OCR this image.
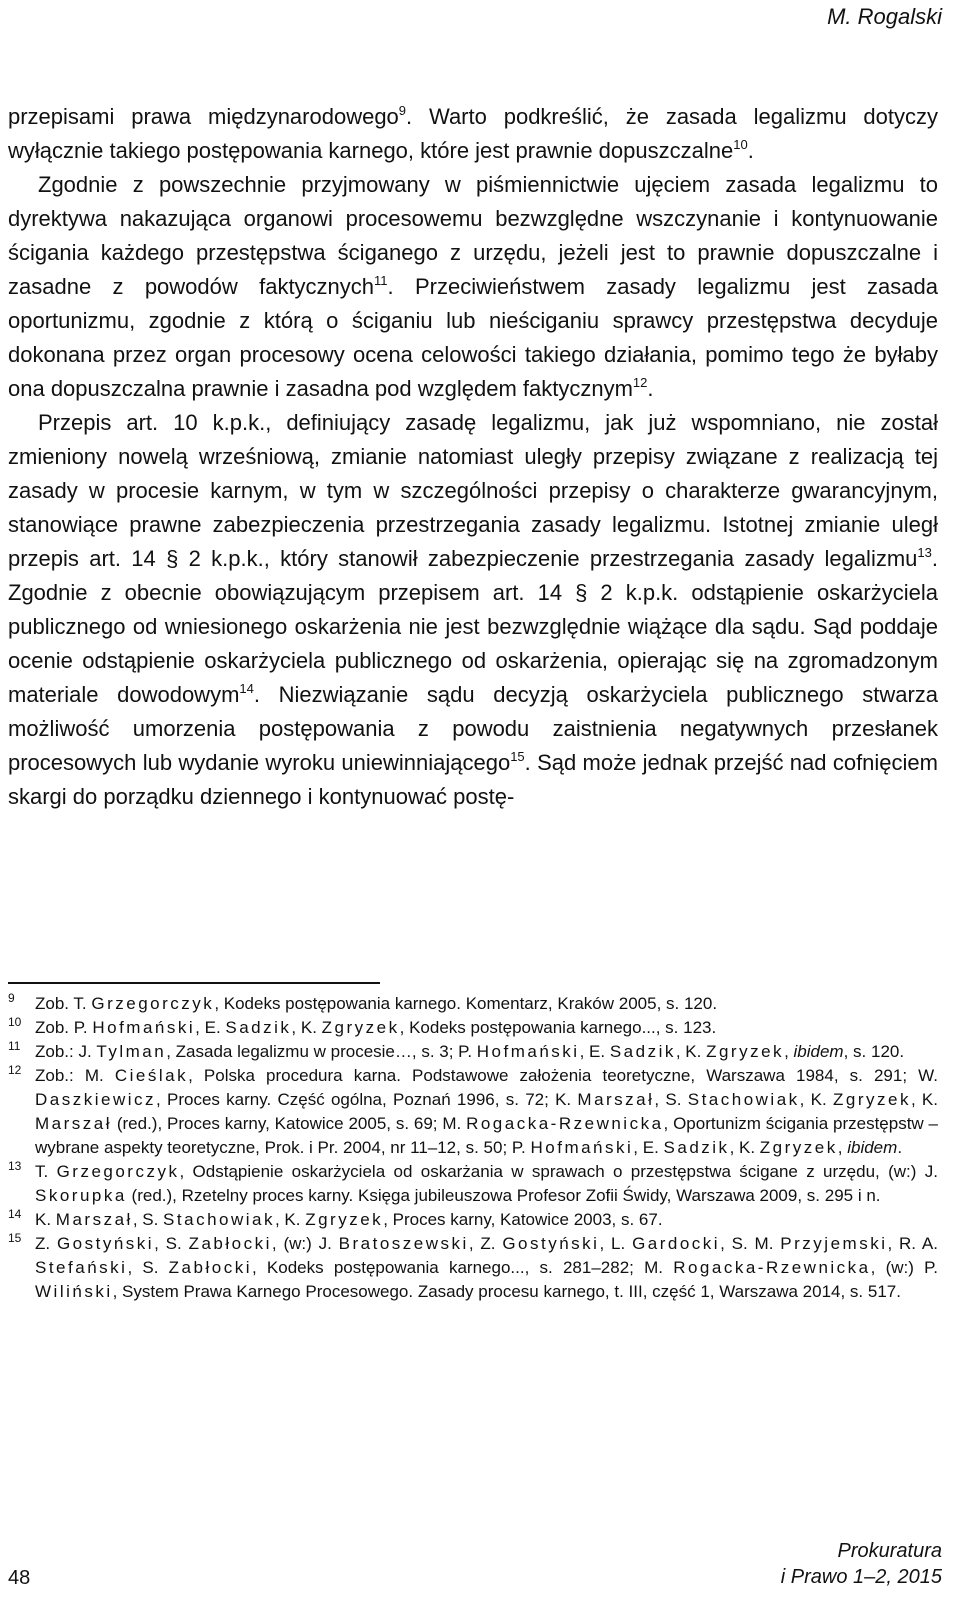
M. Rogalski

przepisami prawa międzynarodowego$^9$. Warto podkreślić, że zasada legalizmu dotyczy wyłącznie takiego postępowania karnego, które jest prawnie dopuszczalne$^{10}$.

Zgodnie z powszechnie przyjmowany w piśmiennictwie ujęciem zasada legalizmu to dyrektywa nakazująca organowi procesowemu bezwzględne wszczynanie i kontynuowanie ścigania każdego przestępstwa ściganego z urzędu, jeżeli jest to prawnie dopuszczalne i zasadne z powodów faktycznych$^{11}$. Przeciwieństwem zasady legalizmu jest zasada oportunizmu, zgodnie z którą o ściganiu lub nieściganiu sprawcy przestępstwa decyduje dokonana przez organ procesowy ocena celowości takiego działania, pomimo tego że byłaby ona dopuszczalna prawnie i zasadna pod względem faktycznym$^{12}$.

Przepis art. 10 k.p.k., definiujący zasadę legalizmu, jak już wspomniano, nie został zmieniony nowelą wrześniową, zmianie natomiast uległy przepisy związane z realizacją tej zasady w procesie karnym, w tym w szczególności przepisy o charakterze gwarancyjnym, stanowiące prawne zabezpieczenia przestrzegania zasady legalizmu. Istotnej zmianie uległ przepis art. 14 § 2 k.p.k., który stanowił zabezpieczenie przestrzegania zasady legalizmu$^{13}$. Zgodnie z obecnie obowiązującym przepisem art. 14 § 2 k.p.k. odstąpienie oskarżyciela publicznego od wniesionego oskarżenia nie jest bezwzględnie wiążące dla sądu. Sąd poddaje ocenie odstąpienie oskarżyciela publicznego od oskarżenia, opierając się na zgromadzonym materiale dowodowym$^{14}$. Niezwiązanie sądu decyzją oskarżyciela publicznego stwarza możliwość umorzenia postępowania z powodu zaistnienia negatywnych przesłanek procesowych lub wydanie wyroku uniewinniającego$^{15}$. Sąd może jednak przejść nad cofnięciem skargi do porządku dziennego i kontynuować postę-

9 Zob. T. Grzegorczyk, Kodeks postępowania karnego. Komentarz, Kraków 2005, s. 120.
10 Zob. P. Hofmański, E. Sadzik, K. Zgryzek, Kodeks postępowania karnego..., s. 123.
11 Zob.: J. Tylman, Zasada legalizmu w procesie…, s. 3; P. Hofmański, E. Sadzik, K. Zgryzek, ibidem, s. 120.
12 Zob.: M. Cieślak, Polska procedura karna. Podstawowe założenia teoretyczne, Warszawa 1984, s. 291; W. Daszkiewicz, Proces karny. Część ogólna, Poznań 1996, s. 72; K. Marszał, S. Stachowiak, K. Zgryzek, K. Marszał (red.), Proces karny, Katowice 2005, s. 69; M. Rogacka-Rzewnicka, Oportunizm ścigania przestępstw – wybrane aspekty teoretyczne, Prok. i Pr. 2004, nr 11–12, s. 50; P. Hofmański, E. Sadzik, K. Zgryzek, ibidem.
13 T. Grzegorczyk, Odstąpienie oskarżyciela od oskarżania w sprawach o przestępstwa ścigane z urzędu, (w:) J. Skorupka (red.), Rzetelny proces karny. Księga jubileuszowa Profesor Zofii Świdy, Warszawa 2009, s. 295 i n.
14 K. Marszał, S. Stachowiak, K. Zgryzek, Proces karny, Katowice 2003, s. 67.
15 Z. Gostyński, S. Zabłocki, (w:) J. Bratoszewski, Z. Gostyński, L. Gardocki, S. M. Przyjemski, R. A. Stefański, S. Zabłocki, Kodeks postępowania karnego..., s. 281–282; M. Rogacka-Rzewnicka, (w:) P. Wiliński, System Prawa Karnego Procesowego. Zasady procesu karnego, t. III, część 1, Warszawa 2014, s. 517.
48
Prokuratura
i Prawo 1–2, 2015
